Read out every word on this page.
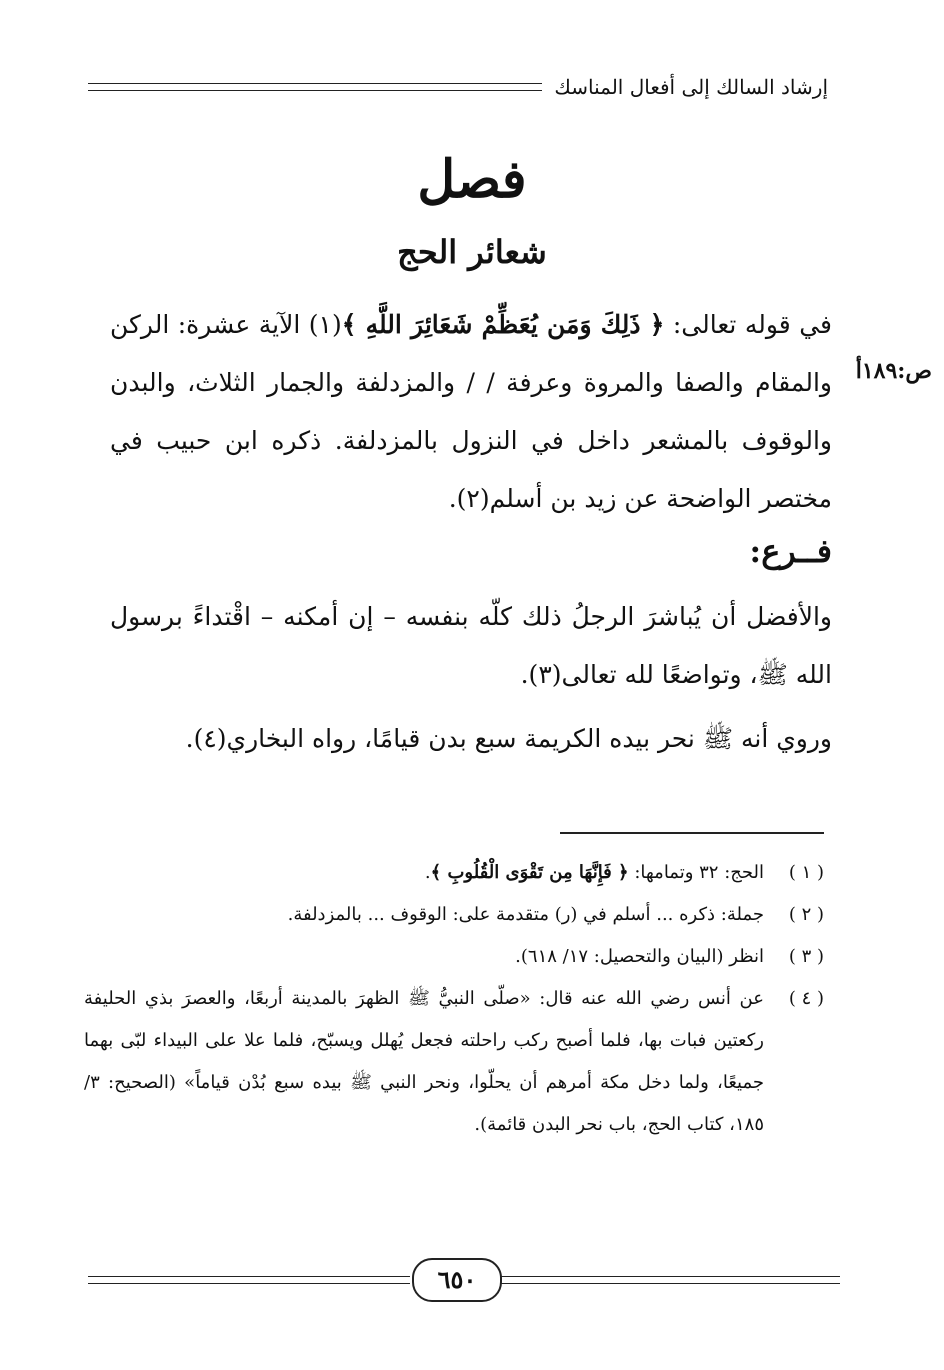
إرشاد السالك إلى أفعال المناسك
فصل
شعائر الحج
ص:١٨٩أ
في قوله تعالى: ﴿ ذَلِكَ وَمَن يُعَظِّمْ شَعَائِرَ اللَّهِ ﴾(١) الآية عشرة: الركن والمقام والصفا والمروة وعرفة / / والمزدلفة والجمار الثلاث، والبدن والوقوف بالمشعر داخل في النزول بالمزدلفة. ذكره ابن حبيب في مختصر الواضحة عن زيد بن أسلم(٢).
فــرع:
والأفضل أن يُباشرَ الرجلُ ذلك كلّه بنفسه – إن أمكنه – اقْتداءً برسول الله ﷺ، وتواضعًا لله تعالى(٣).
وروي أنه ﷺ نحر بيده الكريمة سبع بدن قيامًا، رواه البخاري(٤).
( ١ )
الحج: ٣٢ وتمامها: ﴿ فَإِنَّهَا مِن تَقْوَى الْقُلُوبِ ﴾.
( ٢ )
جملة: ذكره ... أسلم في (ر) متقدمة على: الوقوف ... بالمزدلفة.
( ٣ )
انظر (البيان والتحصيل: ١٧/ ٦١٨).
( ٤ )
عن أنس رضي الله عنه قال: «صلّى النبيُّ ﷺ الظهرَ بالمدينة أربعًا، والعصرَ بذي الحليفة ركعتين فبات بها، فلما أصبح ركب راحلته فجعل يُهلل ويسبّح، فلما علا على البيداء لبّى بهما جميعًا، ولما دخل مكة أمرهم أن يحلّوا، ونحر النبي ﷺ بيده سبع بُدْن قياماً» (الصحيح: ٣/ ١٨٥، كتاب الحج، باب نحر البدن قائمة).
٦٥٠
